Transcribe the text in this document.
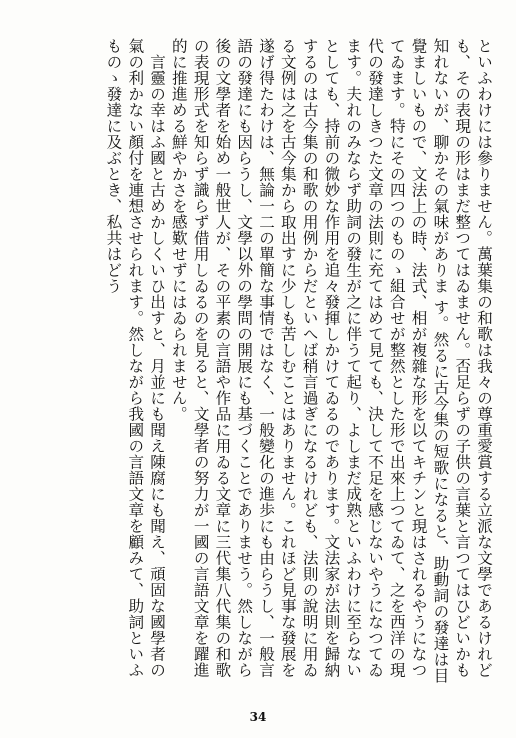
といふわけには參りません。萬葉集の和歌は我々の尊重愛賞する立派な文學であるけれども、その表現の形はまだ整つてはゐません。否足らずの子供の言葉と言つてはひどいかも知れないが、聊かその氣味がありま す。然るに古今集の短歌になると、助動詞の發達は目覺ましいもので、文法上の時、法式、相が複雜な形を以てキチンと現はされるやうになつてゐます。特にその四つのものゝ組合せが整然とした形で出來上つてゐて、之を西洋の現代の發達しきつた文章の法則に充てはめて見ても、決して不足を感じないやうになつてゐます。夫れのみならず助詞の發生が之に伴うて起り、よしまだ成熟といふわけに至らないとしても、持前の微妙な作用を追々發揮しかけてゐるのであります。文法家が法則を歸納するのは古今集の和歌の用例からだといへば稍言過ぎになるけれども、法則の說明に用ゐる文例は之を古今集から取出すに少しも苦しむことはありません。これほど見事な發展を遂げ得たわけは、無論一二の單簡な事情ではなく、一般變化の進歩にも由らうし、一般言語の發達にも因らうし、文學以外の學問の開展にも基づくことでありませう。然しながら後の文學者を始め一般世人が、その平素の言語や作品に用ゐる文章に三代集八代集の和歌の表現形式を知らず識らず借用しゐるのを見ると、文學者の努力が一國の言語文章を躍進的に推進める鮮やかさを感歎せずにはゐられません。

言靈の幸はふ國と古めかしくいひ出すと、月並にも聞え陳腐にも聞え、頑固な國學者の氣の利かない顏付を連想させられます。然しながら我國の言語文章を顧みて、助詞といふものゝ發達に及ぶとき、私共はどう

34
